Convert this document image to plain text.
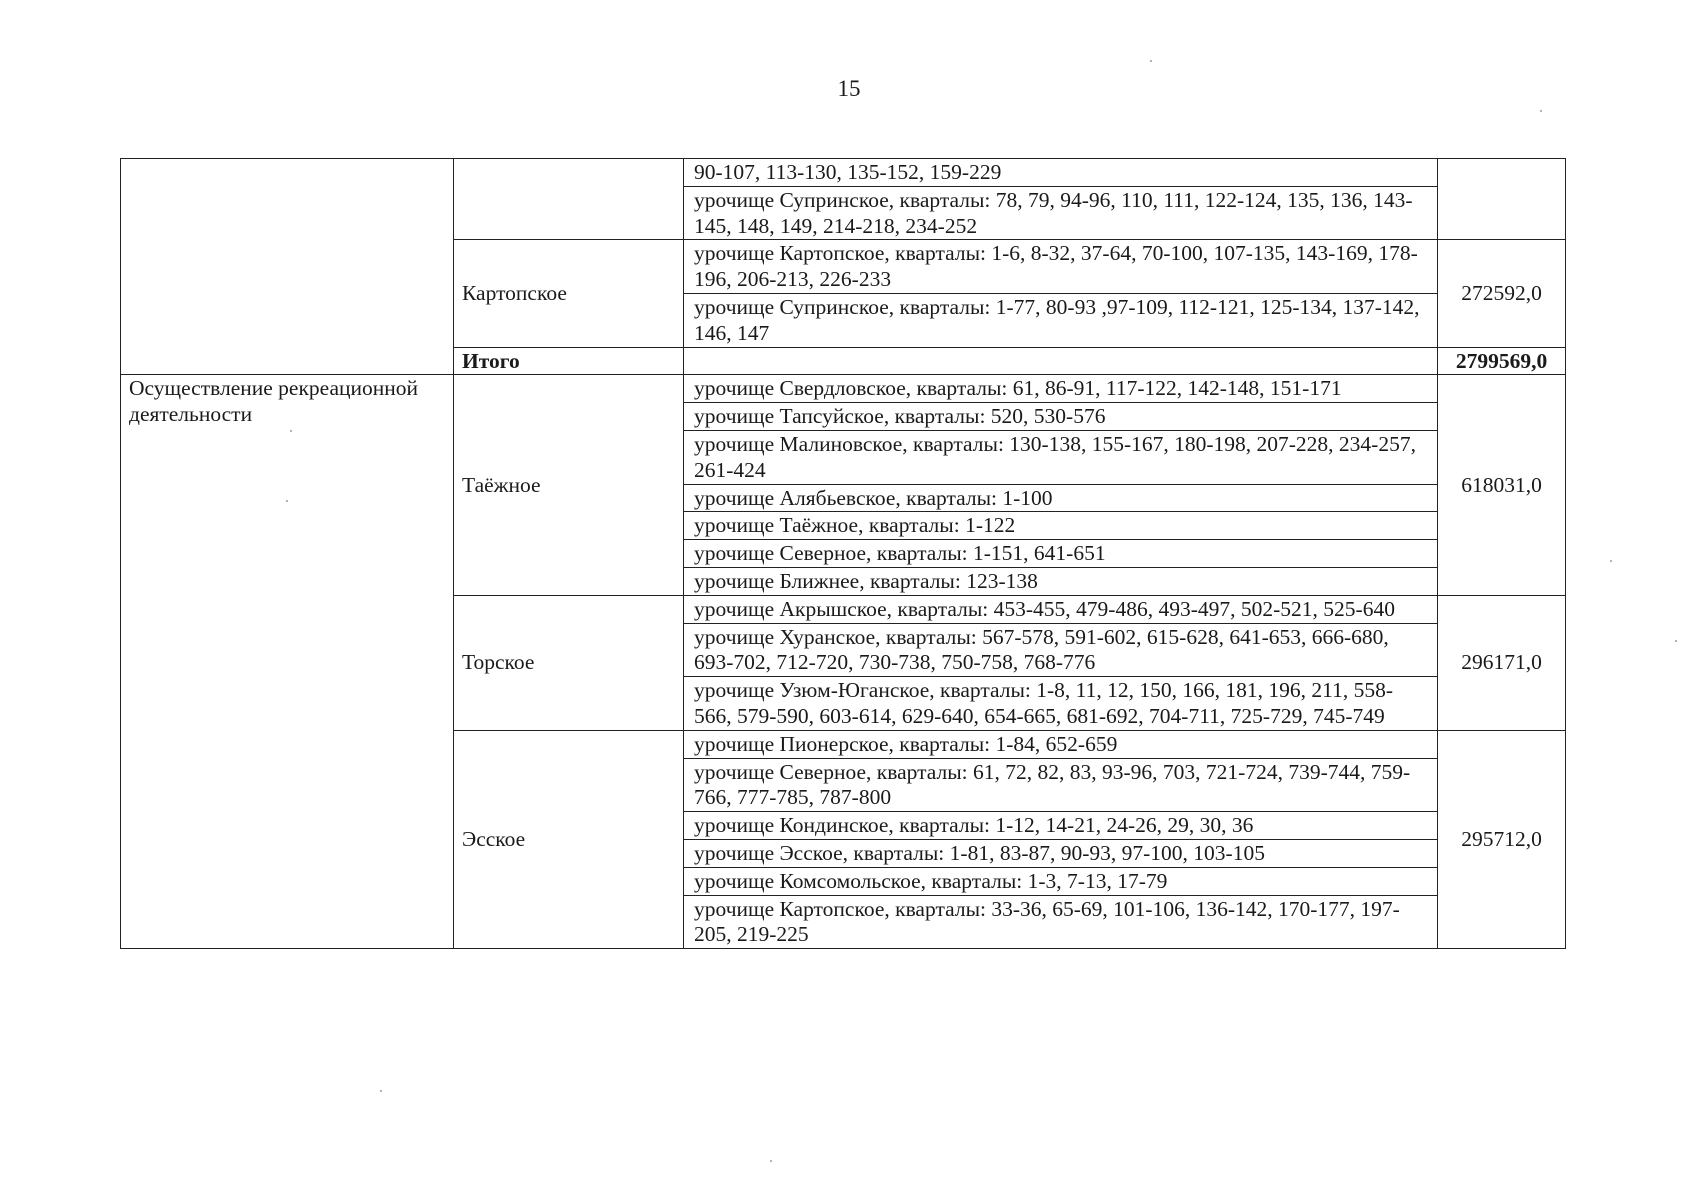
15
		90-107, 113-130, 135-152, 159-229	
		урочище Супринское, кварталы: 78, 79, 94-96, 110, 111, 122-124, 135, 136, 143-145, 148, 149, 214-218, 234-252	
	Картопское	урочище Картопское, кварталы: 1-6, 8-32, 37-64, 70-100, 107-135, 143-169, 178-196, 206-213, 226-233	272592,0
		урочище Супринское, кварталы: 1-77, 80-93 ,97-109, 112-121, 125-134, 137-142, 146, 147	
	Итого		2799569,0
Осуществление рекреационной деятельности	Таёжное	урочище Свердловское, кварталы: 61, 86-91, 117-122, 142-148, 151-171	618031,0
		урочище Тапсуйское, кварталы: 520, 530-576	
		урочище Малиновское, кварталы: 130-138, 155-167, 180-198, 207-228, 234-257, 261-424	
		урочище Алябьевское, кварталы: 1-100	
		урочище Таёжное, кварталы: 1-122	
		урочище Северное, кварталы: 1-151, 641-651	
		урочище Ближнее, кварталы: 123-138	
	Торское	урочище Акрышское, кварталы: 453-455, 479-486, 493-497, 502-521, 525-640	296171,0
		урочище Хуранское, кварталы: 567-578, 591-602, 615-628, 641-653, 666-680, 693-702, 712-720, 730-738, 750-758, 768-776	
		урочище Узюм-Юганское, кварталы: 1-8, 11, 12, 150, 166, 181, 196, 211, 558-566, 579-590, 603-614, 629-640, 654-665, 681-692, 704-711, 725-729, 745-749	
	Эсское	урочище Пионерское, кварталы: 1-84, 652-659	295712,0
		урочище Северное, кварталы: 61, 72, 82, 83, 93-96, 703, 721-724, 739-744, 759-766, 777-785, 787-800	
		урочище Кондинское, кварталы: 1-12, 14-21, 24-26, 29, 30, 36	
		урочище Эсское, кварталы: 1-81, 83-87, 90-93, 97-100, 103-105	
		урочище Комсомольское, кварталы: 1-3, 7-13, 17-79	
		урочище Картопское, кварталы: 33-36, 65-69, 101-106, 136-142, 170-177, 197-205, 219-225	
